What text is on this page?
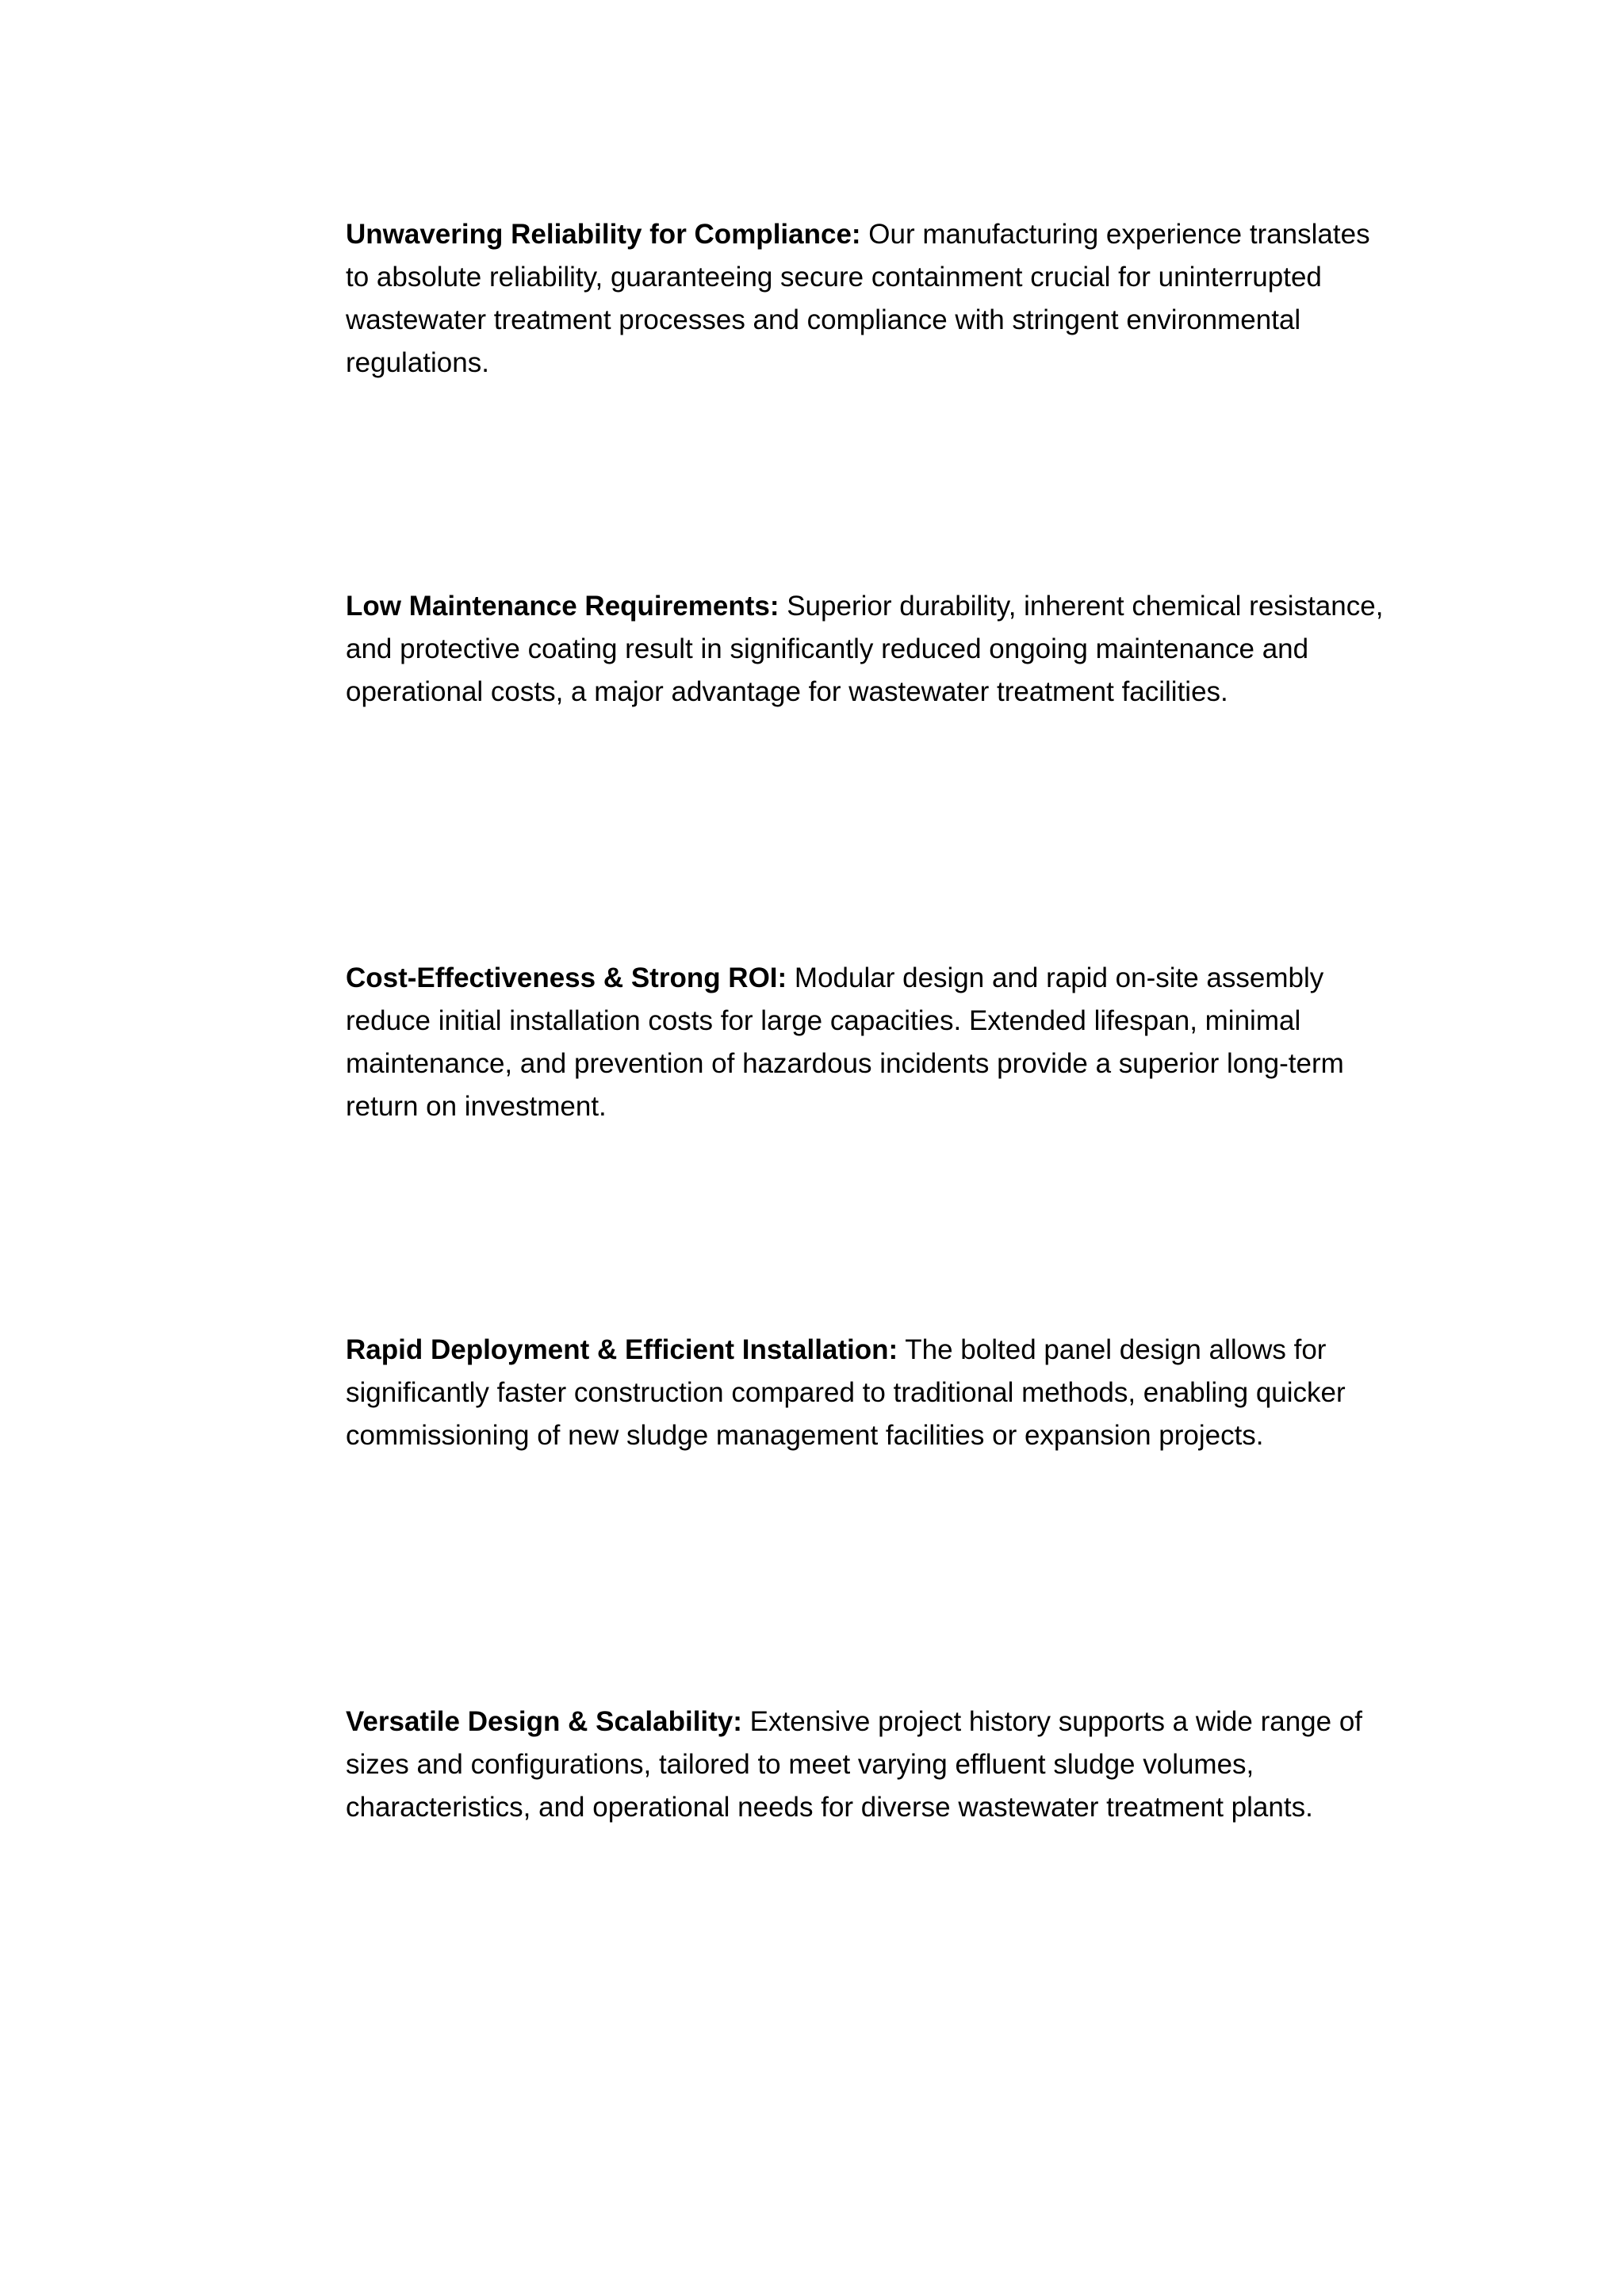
Unwavering Reliability for Compliance: Our manufacturing experience translates to absolute reliability, guaranteeing secure containment crucial for uninterrupted wastewater treatment processes and compliance with stringent environmental regulations.

Low Maintenance Requirements: Superior durability, inherent chemical resistance, and protective coating result in significantly reduced ongoing maintenance and operational costs, a major advantage for wastewater treatment facilities.

Cost-Effectiveness & Strong ROI: Modular design and rapid on-site assembly reduce initial installation costs for large capacities. Extended lifespan, minimal maintenance, and prevention of hazardous incidents provide a superior long-term return on investment.

Rapid Deployment & Efficient Installation: The bolted panel design allows for significantly faster construction compared to traditional methods, enabling quicker commissioning of new sludge management facilities or expansion projects.

Versatile Design & Scalability: Extensive project history supports a wide range of sizes and configurations, tailored to meet varying effluent sludge volumes, characteristics, and operational needs for diverse wastewater treatment plants.
